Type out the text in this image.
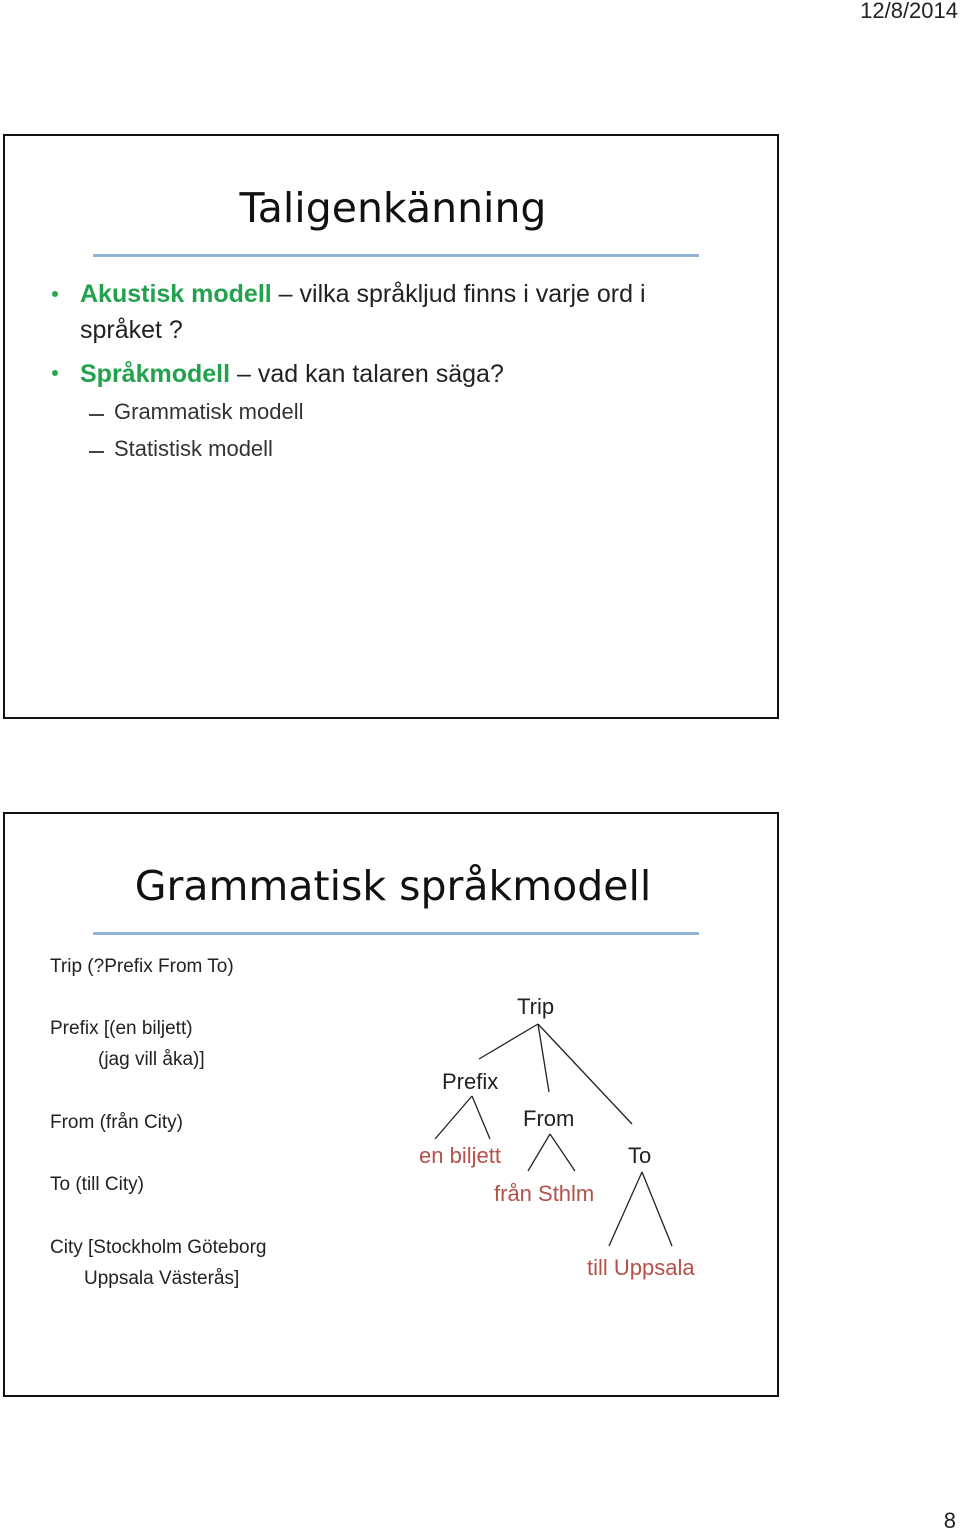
12/8/2014
Taligenkänning
Akustisk modell – vilka språkljud finns i varje ord i
språket ?
Språkmodell – vad kan talaren säga?
Grammatisk modell
Statistisk modell
Grammatisk språkmodell
Trip (?Prefix From To)
Prefix [(en biljett)
(jag vill åka)]
From (från City)
To (till City)
City [Stockholm Göteborg
Uppsala Västerås]
Trip
Prefix
From
To
en biljett
från Sthlm
till Uppsala
8
